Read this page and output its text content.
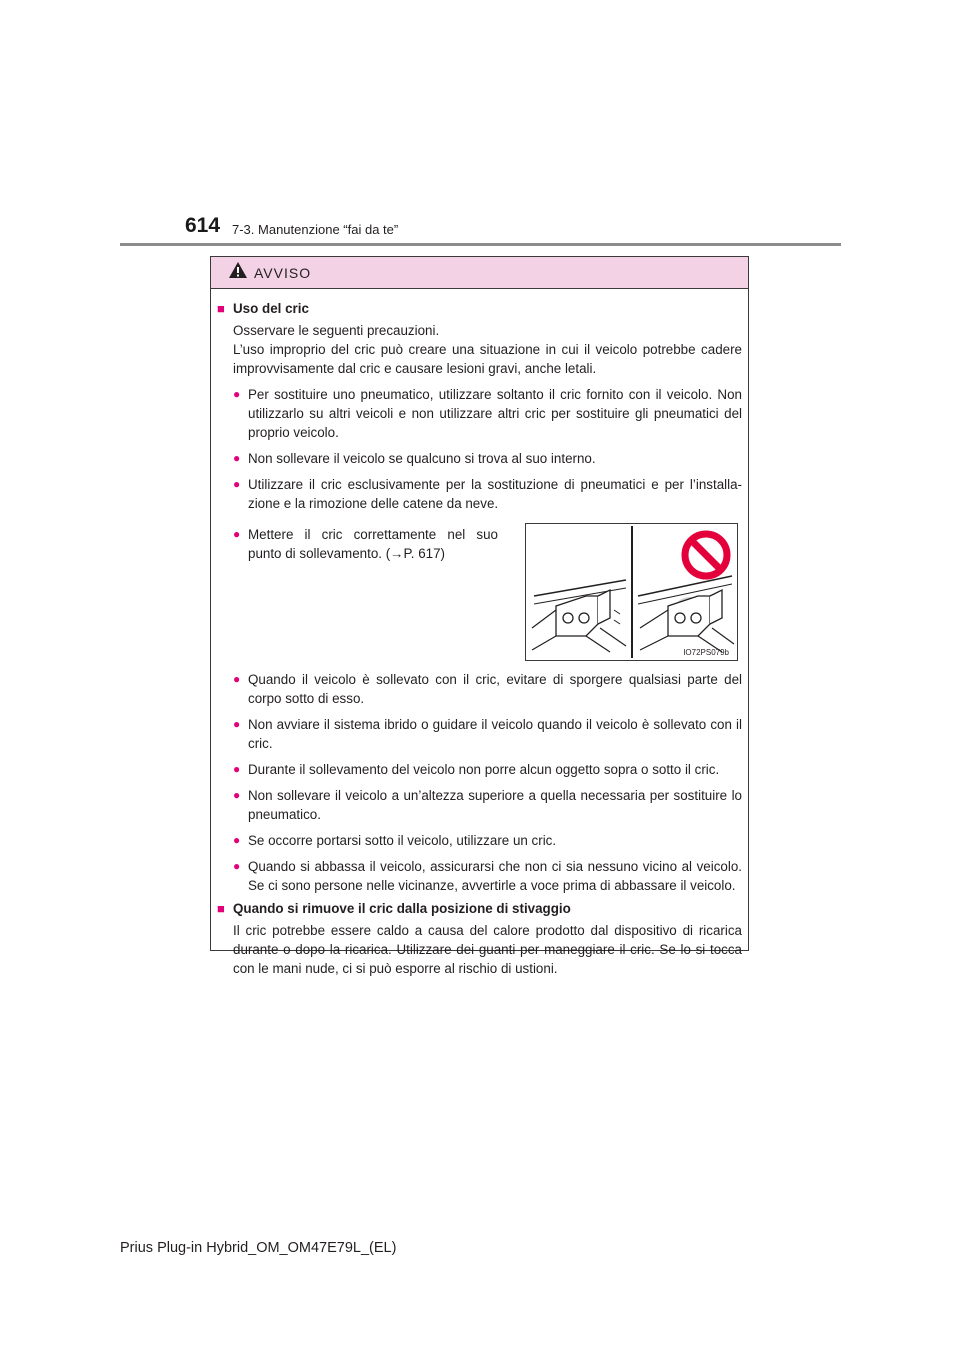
614 7-3. Manutenzione “fai da te”
AVVISO
■ Uso del cric
Osservare le seguenti precauzioni.
L’uso improprio del cric può creare una situazione in cui il veicolo potrebbe cadere improvvisamente dal cric e causare lesioni gravi, anche letali.
● Per sostituire uno pneumatico, utilizzare soltanto il cric fornito con il veicolo. Non utilizzarlo su altri veicoli e non utilizzare altri cric per sostituire gli pneumatici del proprio veicolo.
● Non sollevare il veicolo se qualcuno si trova al suo interno.
● Utilizzare il cric esclusivamente per la sostituzione di pneumatici e per l’installa-zione e la rimozione delle catene da neve.
● Mettere il cric correttamente nel suo punto di sollevamento. (→P. 617)
IO72PS079b
● Quando il veicolo è sollevato con il cric, evitare di sporgere qualsiasi parte del corpo sotto di esso.
● Non avviare il sistema ibrido o guidare il veicolo quando il veicolo è sollevato con il cric.
● Durante il sollevamento del veicolo non porre alcun oggetto sopra o sotto il cric.
● Non sollevare il veicolo a un’altezza superiore a quella necessaria per sostituire lo pneumatico.
● Se occorre portarsi sotto il veicolo, utilizzare un cric.
● Quando si abbassa il veicolo, assicurarsi che non ci sia nessuno vicino al veicolo. Se ci sono persone nelle vicinanze, avvertirle a voce prima di abbassare il veicolo.
■ Quando si rimuove il cric dalla posizione di stivaggio
Il cric potrebbe essere caldo a causa del calore prodotto dal dispositivo di ricarica durante o dopo la ricarica. Utilizzare dei guanti per maneggiare il cric. Se lo si tocca con le mani nude, ci si può esporre al rischio di ustioni.
Prius Plug-in Hybrid_OM_OM47E79L_(EL)
